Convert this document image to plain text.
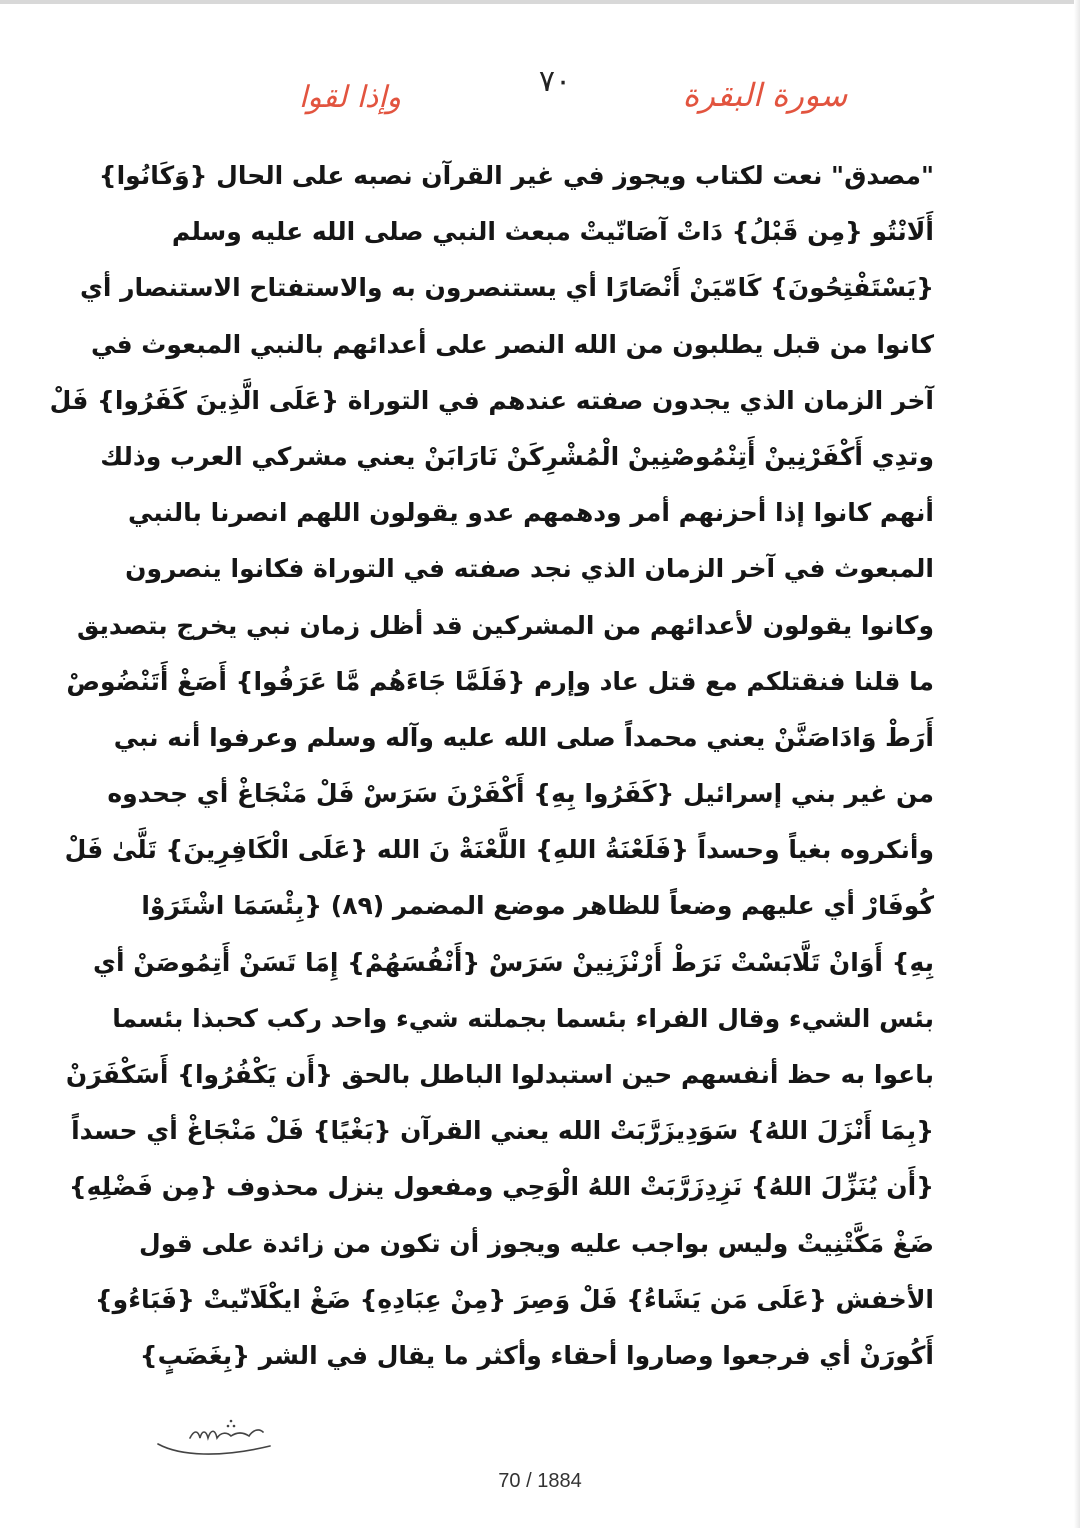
وإذا لقوا	٧٠	سورة البقرة
"مصدق" نعت لكتاب ويجوز في غير القرآن نصبه على الحال {وَكَانُوا}
أَلَانْتُو {مِن قَبْلُ} دَاتْ آصَانّيتْ مبعث النبي صلى الله عليه وسلم
{يَسْتَفْتِحُونَ} كَامّيَنْ أَنْصَارًا أي يستنصرون به والاستفتاح الاستنصار أي
كانوا من قبل يطلبون من الله النصر على أعدائهم بالنبي المبعوث في
آخر الزمان الذي يجدون صفته عندهم في التوراة {عَلَى الَّذِينَ كَفَرُوا} فَلْ
وتدِي أَكْفَرْنِينْ أَتِنْمُوصْنِينْ الْمُشْرِكَنْ نَارَابَنْ يعني مشركي العرب وذلك
أنهم كانوا إذا أحزنهم أمر ودهمهم عدو يقولون اللهم انصرنا بالنبي
المبعوث في آخر الزمان الذي نجد صفته في التوراة فكانوا ينصرون
وكانوا يقولون لأعدائهم من المشركين قد أظل زمان نبي يخرج بتصديق
ما قلنا فنقتلكم مع قتل عاد وإرم {فَلَمَّا جَاءَهُم مَّا عَرَفُوا} أَصَغْ أَتَنْضُوصْ
أَرَطْ وَادَاصَنَّنْ يعني محمداً صلى الله عليه وآله وسلم وعرفوا أنه نبي
من غير بني إسرائيل {كَفَرُوا بِهِ} أَكْفَرْنَ سَرَسْ فَلْ مَنْجَاغْ أي جحدوه
وأنكروه بغياً وحسداً {فَلَعْنَةُ اللهِ} اللَّعْنَةْ نَ الله {عَلَى الْكَافِرِينَ} تَلَّىٰ فَلْ
كُوفَارْ أي عليهم وضعاً للظاهر موضع المضمر (٨٩) {بِئْسَمَا اشْتَرَوْا
بِهِ} أَوَانْ تَلَّابَسْتْ نَرَطْ أَرْنْزَنِينْ سَرَسْ {أَنْفُسَهُمْ} إِمَا تَسَنْ أَتِمُوصَنْ أي
بئس الشيء وقال الفراء بئسما بجملته شيء واحد ركب كحبذا بئسما
باعوا به حظ أنفسهم حين استبدلوا الباطل بالحق {أَن يَكْفُرُوا} أَسَكْفَرَنْ
{بِمَا أَنْزَلَ اللهُ} سَوَدِيزَرَّبَتْ الله يعني القرآن {بَغْيًا} فَلْ مَنْجَاغْ أي حسداً
{أَن يُنَزِّلَ اللهُ} نَزِدِزَرَّبَتْ اللهُ الْوَحِي ومفعول ينزل محذوف {مِن فَضْلِهِ}
ضَغْ مَكَّتْنِيتْ وليس بواجب عليه ويجوز أن تكون من زائدة على قول
الأخفش {عَلَى مَن يَشَاءُ} فَلْ وَصِرَ {مِنْ عِبَادِهِ} ضَغْ ايكْلَانّيتْ {فَبَاءُو}
أَكُورَنْ أي فرجعوا وصاروا أحقاء وأكثر ما يقال في الشر {بِغَضَبٍ}
70 / 1884
